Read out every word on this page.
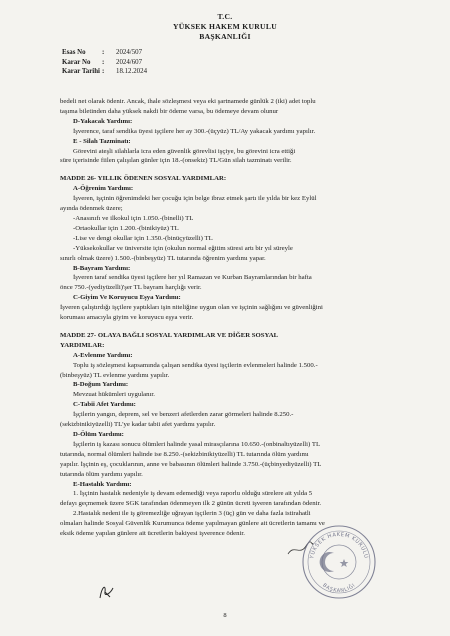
T.C.
YÜKSEK HAKEM KURULU
BAŞKANLIĞI
Esas No	:	2024/507
Karar No	:	2024/607
Karar Tarihi :	18.12.2024
bedeli net olarak ödenir. Ancak, ihale sözleşmesi veya eki şartnamede günlük 2 (iki) adet toplu
taşıma biletinden daha yüksek nakdi bir ödeme varsa, bu ödemeye devam olunur
D-Yakacak Yardımı:
İşverence, taraf sendika üyesi işçilere her ay 300.-(üçyüz) TL/Ay yakacak yardımı yapılır.
E - Silah Tazminatı:
Görevini ateşli silahlarla icra eden güvenlik görevlisi işçiye, bu görevini icra ettiği
süre içerisinde fiilen çalışılan günler için 18.-(onsekiz) TL/Gün silah tazminatı verilir.
MADDE 26- YILLIK ÖDENEN SOSYAL YARDIMLAR:
A-Öğrenim Yardımı:
İşveren, işçinin öğrenimdeki her çocuğu için belge ibraz etmek şartı ile yılda bir kez Eylül
ayında ödenmek üzere;
-Anasınıfı ve ilkokul için 1.050.-(binelli) TL
-Ortaokullar için 1.200.-(binikiyüz) TL
-Lise ve dengi okullar için 1.350.-(binüçyüzelli) TL
-Yüksekokullar ve üniversite için (okulun normal eğitim süresi artı bir yıl süreyle
sınırlı olmak üzere) 1.500.-(binbeşyüz) TL tutarında öğrenim yardımı yapar.
B-Bayram Yardımı:
İşveren taraf sendika üyesi işçilere her yıl Ramazan ve Kurban Bayramlarından bir hafta
önce 750.-(yediyüzelli)'şer TL bayram harçlığı verir.
C-Giyim Ve Koruyucu Eşya Yardımı:
İşveren çalıştırdığı işçilere yaptıkları işin niteliğine uygun olan ve işçinin sağlığını ve güvenliğini
koruması amacıyla giyim ve koruyucu eşya verir.
MADDE 27- OLAYA BAĞLI SOSYAL YARDIMLAR VE DİĞER SOSYAL
YARDIMLAR:
A-Evlenme Yardımı:
Toplu iş sözleşmesi kapsamında çalışan sendika üyesi işçilerin evlenmeleri halinde 1.500.-
(binbeşyüz) TL evlenme yardımı yapılır.
B-Doğum Yardımı:
Mevzuat hükümleri uygulanır.
C-Tabii Afet Yardımı:
İşçilerin yangın, deprem, sel ve benzeri afetlerden zarar görmeleri halinde 8.250.-
(sekizbinikiyüzelli) TL'ye kadar tabii afet yardımı yapılır.
D-Ölüm Yardımı:
İşçilerin iş kazası sonucu ölümleri halinde yasal mirasçılarına 10.650.-(onbinaltıyüzelli) TL
tutarında, normal ölümleri halinde ise 8.250.-(sekizbinikiyüzelli) TL tutarında ölüm yardımı
yapılır. İşçinin eş, çocuklarının, anne ve babasının ölümleri halinde 3.750.-(üçbinyediyüzelli) TL
tutarında ölüm yardımı yapılır.
E-Hastalık Yardımı:
1. İşçinin hastalık nedeniyle iş devam edemediği veya raporlu olduğu sürelere ait yılda 5
defayı geçmemek üzere SGK tarafından ödenmeyen ilk 2 günün ücreti işveren tarafından ödenir.
2.Hastalık nedeni ile iş göremezliğe uğrayan işçilerin 3 (üç) gün ve daha fazla istirahatli
olmaları halinde Sosyal Güvenlik Kurumunca ödeme yapılmayan günlere ait ücretlerin tamamı ve
eksik ödeme yapılan günlere ait ücretlerin bakiyesi işverence ödenir.
YÜKSEK HAKEM KURULU
BAŞKANLIĞI
8
